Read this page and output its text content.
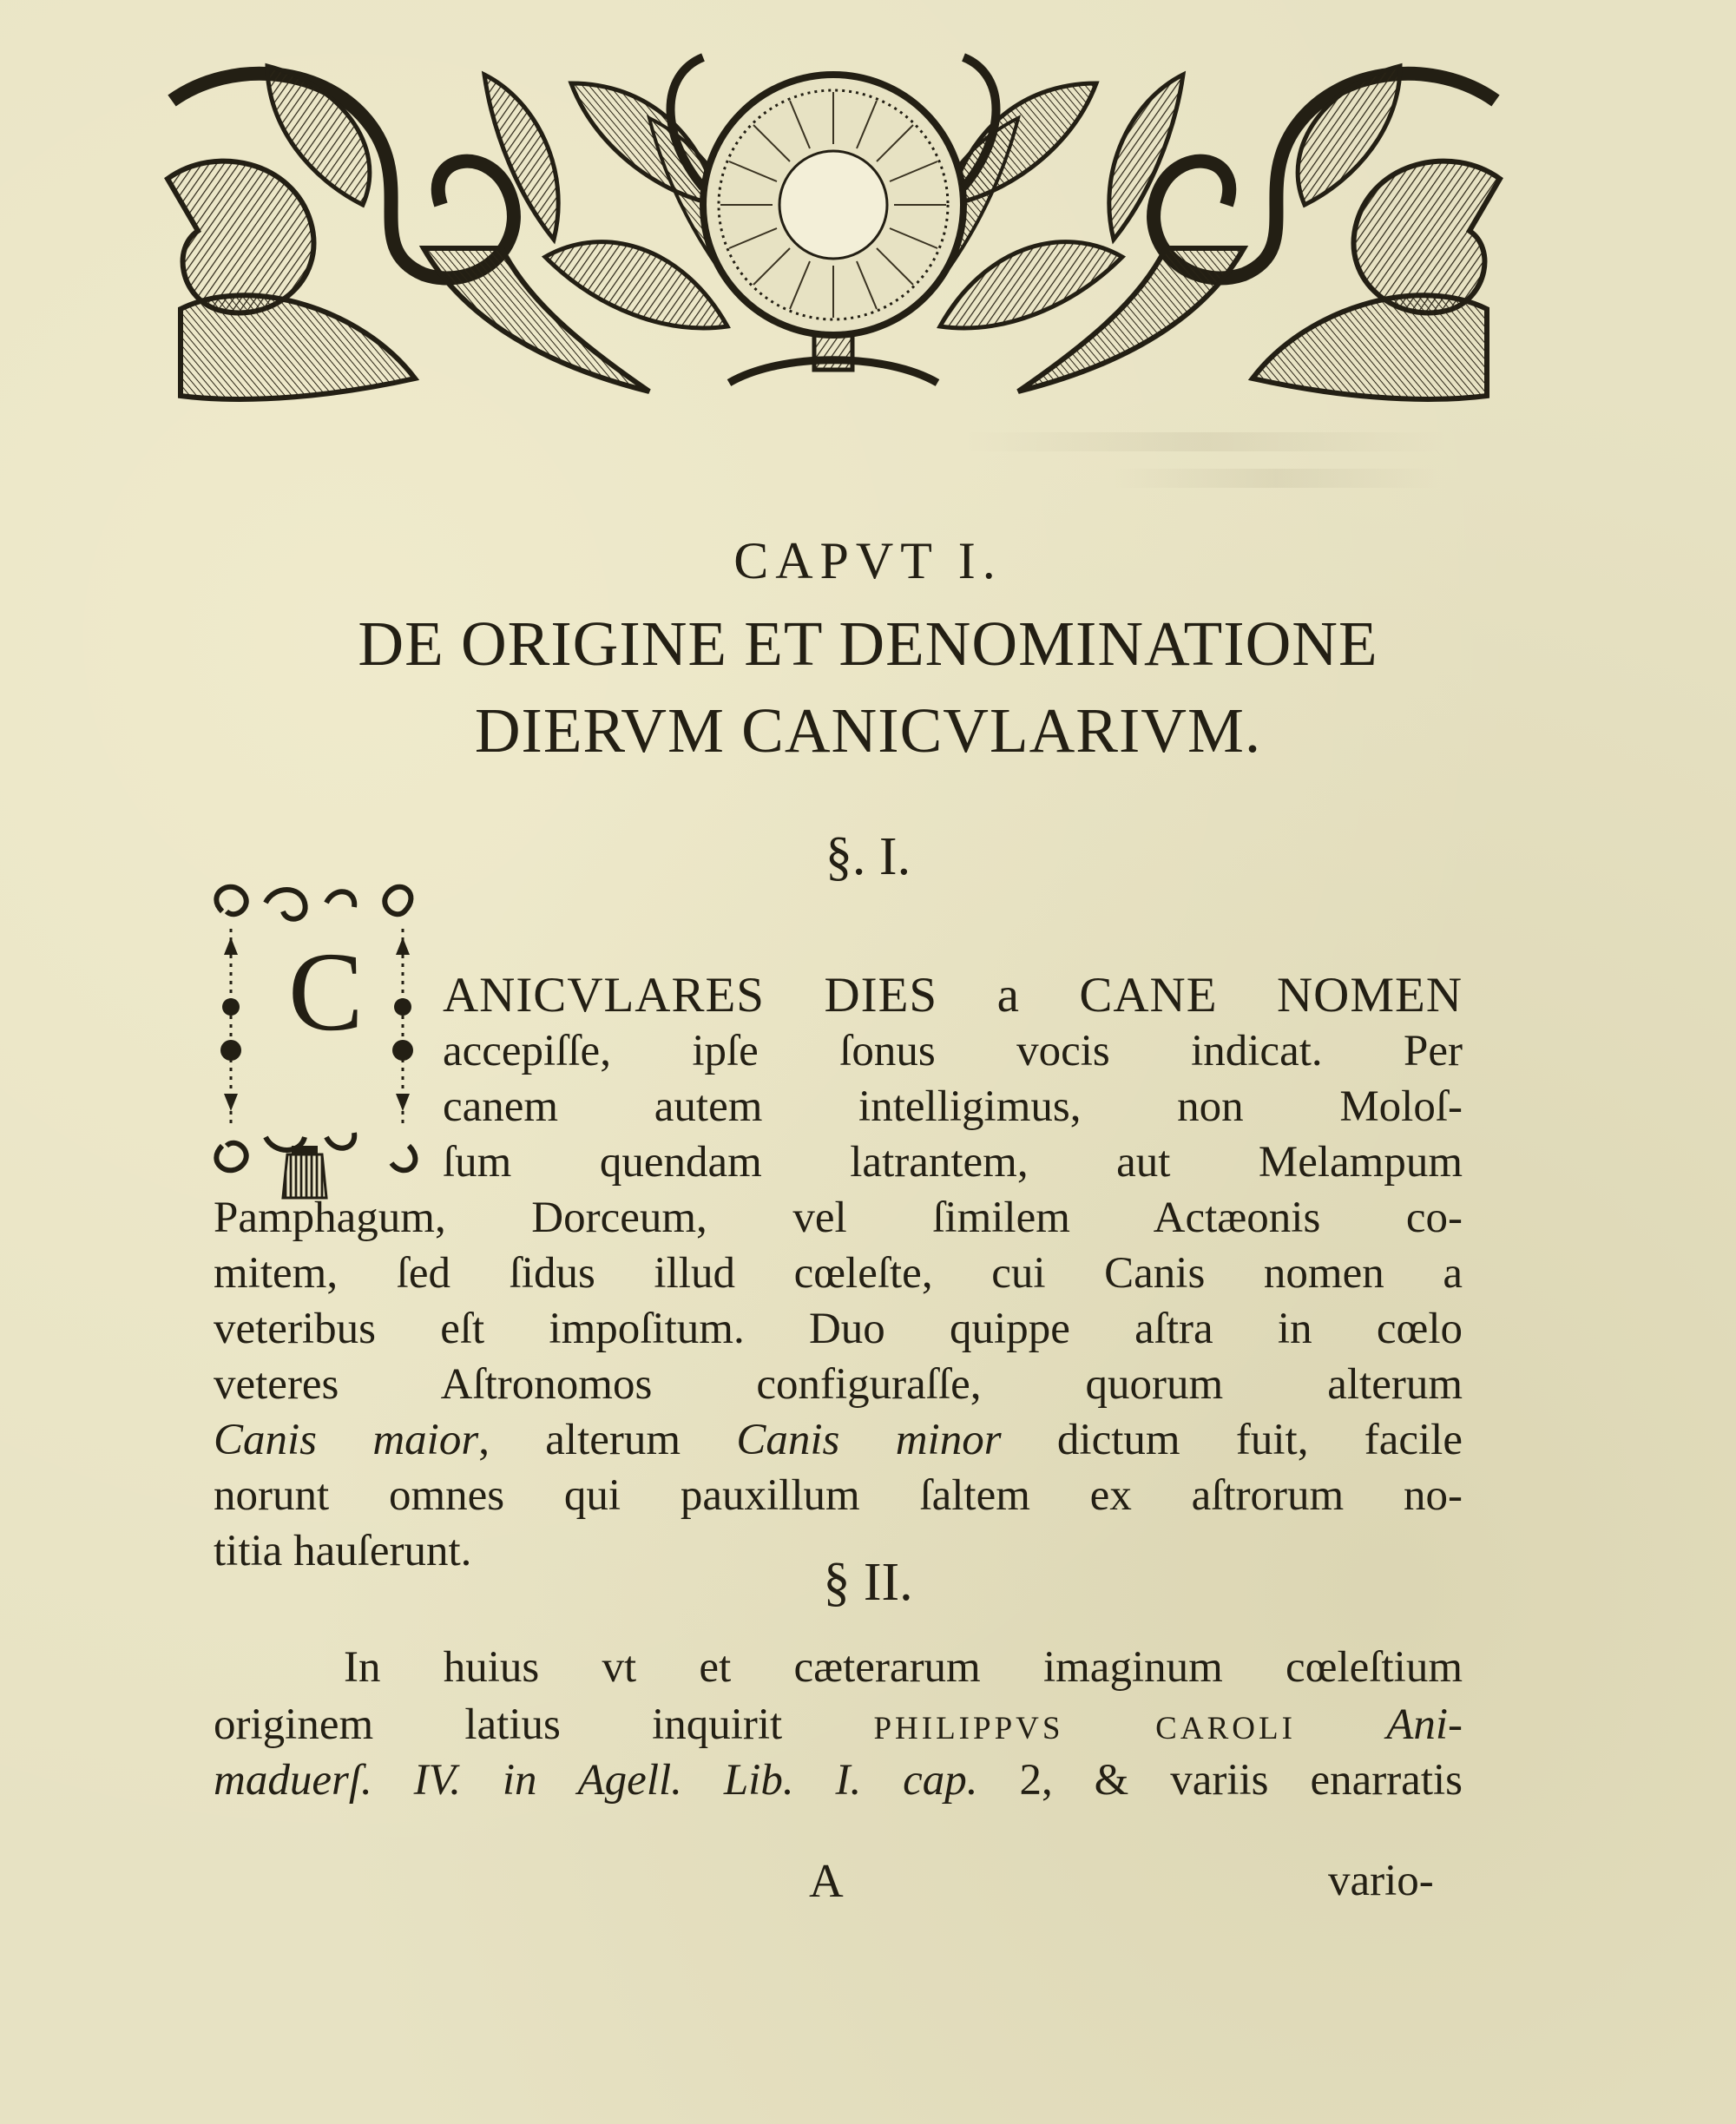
CAPVT I.
DE ORIGINE ET DENOMINATIONE
DIERVM CANICVLARIVM.
§. I.
C ANICVLARES DIES a CANE NOMEN
accepiſſe, ipſe ſonus vocis indicat. Per
canem autem intelligimus, non Moloſ-
ſum quendam latrantem, aut Melampum
Pamphagum, Dorceum, vel ſimilem Actæonis co-
mitem, ſed ſidus illud cœleſte, cui Canis nomen a
veteribus eſt impoſitum. Duo quippe aſtra in cœlo
veteres Aſtronomos configuraſſe, quorum alterum
Canis maior, alterum Canis minor dictum fuit, facile
norunt omnes qui pauxillum ſaltem ex aſtrorum no-
titia hauſerunt.
§ II.
In huius vt et cæterarum imaginum cœleſtium
originem latius inquirit PHILIPPVS CAROLI Ani-
maduerſ. IV. in Agell. Lib. I. cap. 2, & variis enarratis
A	vario-
